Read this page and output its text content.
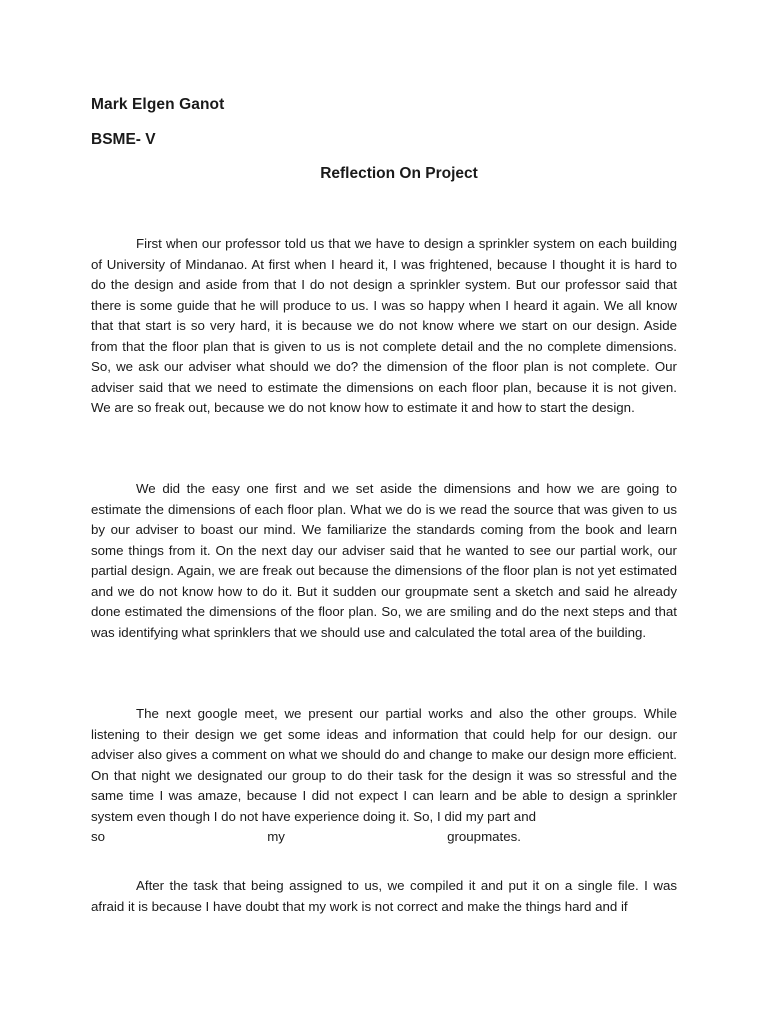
Mark Elgen Ganot
BSME- V
Reflection On Project

First when our professor told us that we have to design a sprinkler system on each building of University of Mindanao. At first when I heard it, I was frightened, because I thought it is hard to do the design and aside from that I do not design a sprinkler system. But our professor said that there is some guide that he will produce to us. I was so happy when I heard it again. We all know that that start is so very hard, it is because we do not know where we start on our design. Aside from that the floor plan that is given to us is not complete detail and the no complete dimensions. So, we ask our adviser what should we do? the dimension of the floor plan is not complete. Our adviser said that we need to estimate the dimensions on each floor plan, because it is not given. We are so freak out, because we do not know how to estimate it and how to start the design.

We did the easy one first and we set aside the dimensions and how we are going to estimate the dimensions of each floor plan. What we do is we read the source that was given to us by our adviser to boast our mind. We familiarize the standards coming from the book and learn some things from it. On the next day our adviser said that he wanted to see our partial work, our partial design. Again, we are freak out because the dimensions of the floor plan is not yet estimated and we do not know how to do it. But it sudden our groupmate sent a sketch and said he already done estimated the dimensions of the floor plan. So, we are smiling and do the next steps and that was identifying what sprinklers that we should use and calculated the total area of the building.

The next google meet, we present our partial works and also the other groups. While listening to their design we get some ideas and information that could help for our design. our adviser also gives a comment on what we should do and change to make our design more efficient. On that night we designated our group to do their task for the design it was so stressful and the same time I was amaze, because I did not expect I can learn and be able to design a sprinkler system even though I do not have experience doing it. So, I did my part and
so	my	groupmates.

After the task that being assigned to us, we compiled it and put it on a single file. I was afraid it is because I have doubt that my work is not correct and make the things hard and if
